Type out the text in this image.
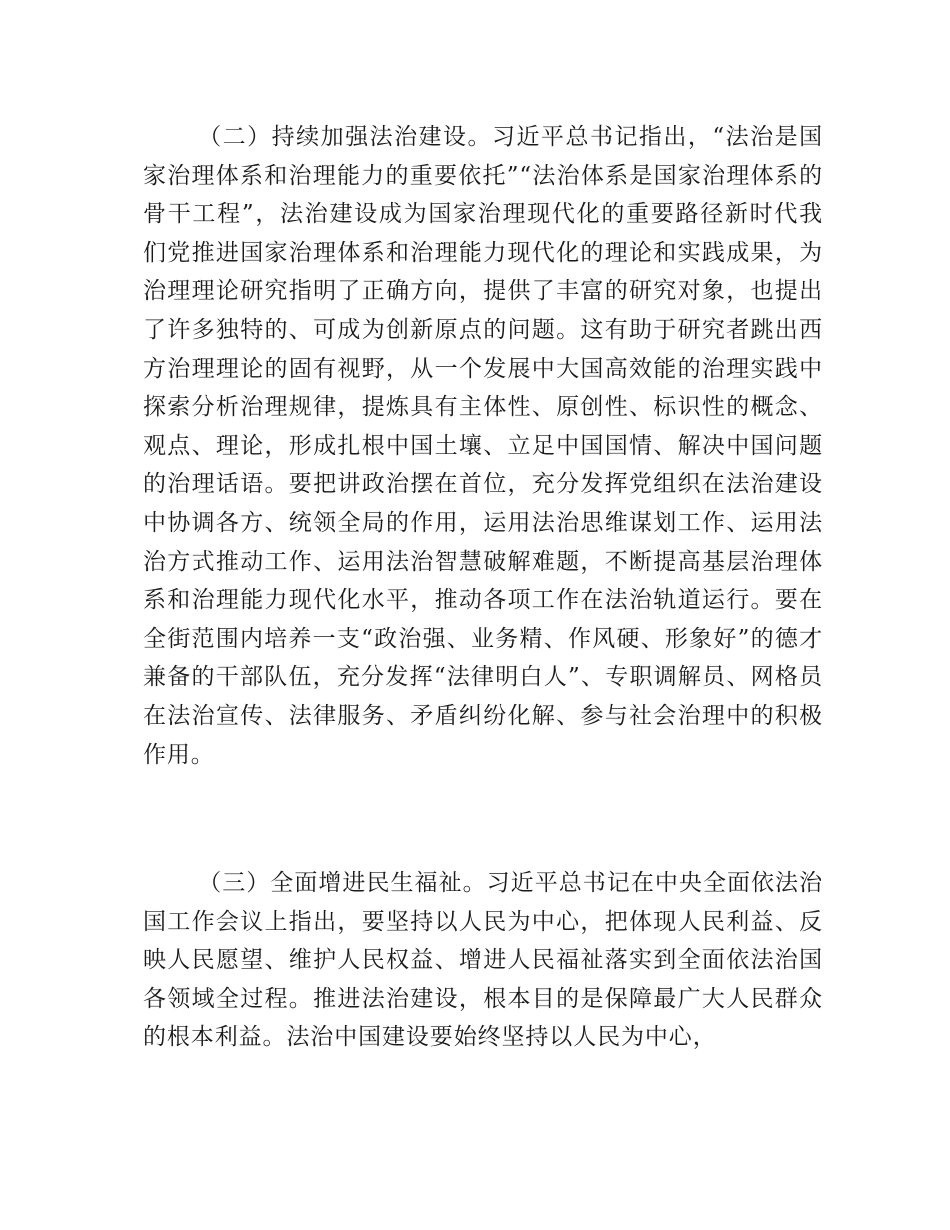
（二）持续加强法治建设。习近平总书记指出，“法治是国家治理体系和治理能力的重要依托”“法治体系是国家治理体系的骨干工程”，法治建设成为国家治理现代化的重要路径新时代我们党推进国家治理体系和治理能力现代化的理论和实践成果，为治理理论研究指明了正确方向，提供了丰富的研究对象，也提出了许多独特的、可成为创新原点的问题。这有助于研究者跳出西方治理理论的固有视野，从一个发展中大国高效能的治理实践中探索分析治理规律，提炼具有主体性、原创性、标识性的概念、观点、理论，形成扎根中国土壤、立足中国国情、解决中国问题的治理话语。要把讲政治摆在首位，充分发挥党组织在法治建设中协调各方、统领全局的作用，运用法治思维谋划工作、运用法治方式推动工作、运用法治智慧破解难题，不断提高基层治理体系和治理能力现代化水平，推动各项工作在法治轨道运行。要在全街范围内培养一支“政治强、业务精、作风硬、形象好”的德才兼备的干部队伍，充分发挥“法律明白人”、专职调解员、网格员在法治宣传、法律服务、矛盾纠纷化解、参与社会治理中的积极作用。

（三）全面增进民生福祉。习近平总书记在中央全面依法治国工作会议上指出，要坚持以人民为中心，把体现人民利益、反映人民愿望、维护人民权益、增进人民福祉落实到全面依法治国各领域全过程。推进法治建设，根本目的是保障最广大人民群众的根本利益。法治中国建设要始终坚持以人民为中心，
